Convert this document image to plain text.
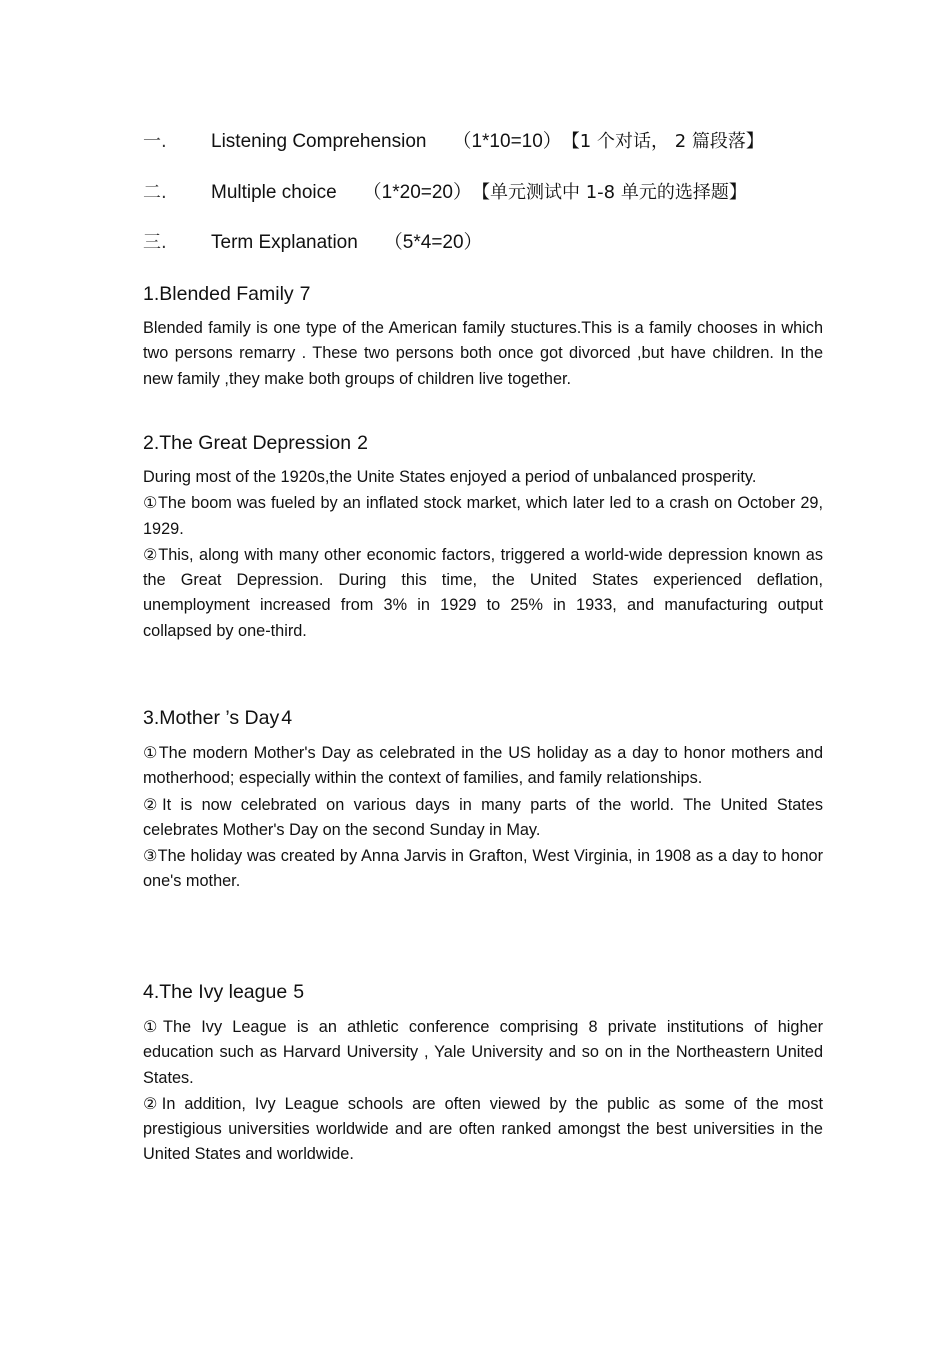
一. Listening Comprehension （1*10=10）【1 个对话， 2 篇段落】
二. Multiple choice （1*20=20）【单元测试中 1-8 单元的选择题】
三. Term Explanation （5*4=20）
1.Blended Family 7

Blended family is one type of the American family stuctures.This is a family chooses in which two persons remarry . These two persons both once got divorced ,but have children. In the new family ,they make both groups of children live together.

2.The Great Depression 2

During most of the 1920s,the Unite States enjoyed a period of unbalanced prosperity.

①The boom was fueled by an inflated stock market, which later led to a crash on October 29, 1929.

②This, along with many other economic factors, triggered a world-wide depression known as the Great Depression. During this time, the United States experienced deflation, unemployment increased from 3% in 1929 to 25% in 1933, and manufacturing output collapsed by one-third.

3.Mother ’s Day 4

①The modern Mother's Day as celebrated in the US holiday as a day to honor mothers and motherhood; especially within the context of families, and family relationships.

②It is now celebrated on various days in many parts of the world. The United States celebrates Mother's Day on the second Sunday in May.

③The holiday was created by Anna Jarvis in Grafton, West Virginia, in 1908 as a day to honor one's mother.

4.The Ivy league 5

①The Ivy League is an athletic conference comprising 8 private institutions of higher education such as Harvard University , Yale University and so on in the Northeastern United States.

②In addition, Ivy League schools are often viewed by the public as some of the most prestigious universities worldwide and are often ranked amongst the best universities in the United States and worldwide.
